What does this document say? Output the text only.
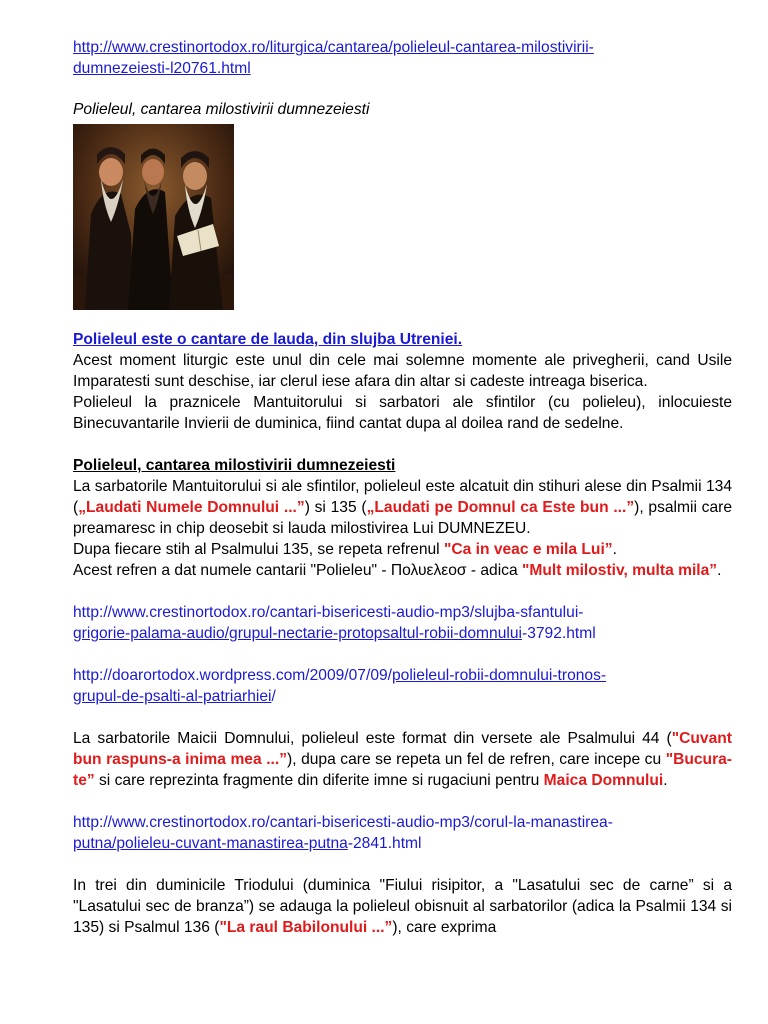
http://www.crestinortodox.ro/liturgica/cantarea/polieleul-cantarea-milostivirii-
dumnezeiesti-l20761.html

Polieleul, cantarea milostivirii dumnezeiesti

Polieleul este o cantare de lauda, din slujba Utreniei.

Acest moment liturgic este unul din cele mai solemne momente ale privegherii, cand Usile Imparatesti sunt deschise, iar clerul iese afara din altar si cadeste intreaga biserica.

Polieleul la praznicele Mantuitorului si sarbatori ale sfintilor (cu polieleu), inlocuieste Binecuvantarile Invierii de duminica, fiind cantat dupa al doilea rand de sedelne.

Polieleul, cantarea milostivirii dumnezeiesti

La sarbatorile Mantuitorului si ale sfintilor, polieleul este alcatuit din stihuri alese din Psalmii 134 („Laudati Numele Domnului ...”) si 135 („Laudati pe Domnul ca Este bun ...”), psalmii care preamaresc in chip deosebit si lauda milostivirea Lui DUMNEZEU.

Dupa fiecare stih al Psalmului 135, se repeta refrenul "Ca in veac e mila Lui”.

Acest refren a dat numele cantarii "Polieleu" - Πολυελεοσ - adica "Mult milostiv, multa mila”.

http://www.crestinortodox.ro/cantari-bisericesti-audio-mp3/slujba-sfantului-
grigorie-palama-audio/grupul-nectarie-protopsaltul-robii-domnului-3792.html
http://doarortodox.wordpress.com/2009/07/09/polieleul-robii-domnului-tronos-
grupul-de-psalti-al-patriarhiei/

La sarbatorile Maicii Domnului, polieleul este format din versete ale Psalmului 44 ("Cuvant bun raspuns-a inima mea ...”), dupa care se repeta un fel de refren, care incepe cu "Bucura-te” si care reprezinta fragmente din diferite imne si rugaciuni pentru Maica Domnului.

http://www.crestinortodox.ro/cantari-bisericesti-audio-mp3/corul-la-manastirea-
putna/polieleu-cuvant-manastirea-putna-2841.html

In trei din duminicile Triodului (duminica "Fiului risipitor, a "Lasatului sec de carne” si a "Lasatului sec de branza”) se adauga la polieleul obisnuit al sarbatorilor (adica la Psalmii 134 si 135) si Psalmul 136 ("La raul Babilonului ...”), care exprima
